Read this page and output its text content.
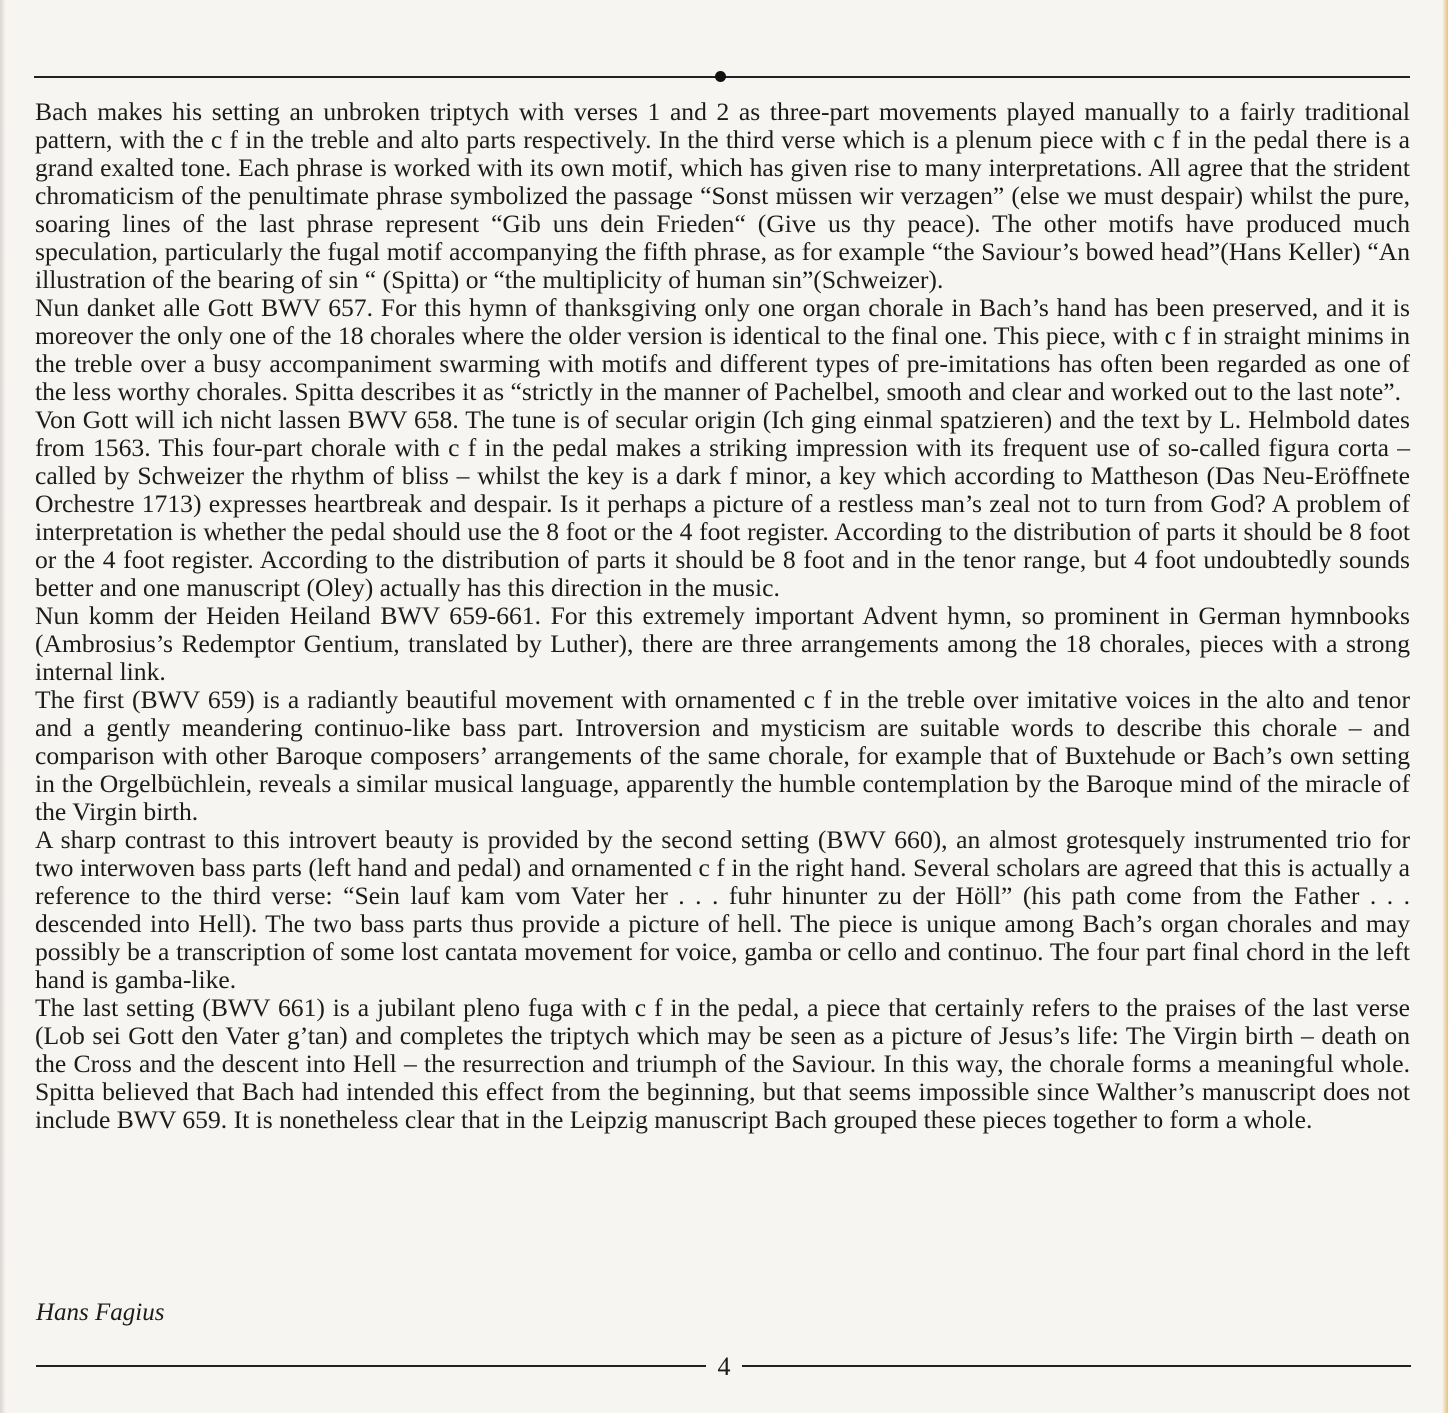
Bach makes his setting an unbroken triptych with verses 1 and 2 as three-part movements played manually to a fairly traditional pattern, with the c f in the treble and alto parts respectively. In the third verse which is a plenum piece with c f in the pedal there is a grand exalted tone. Each phrase is worked with its own motif, which has given rise to many interpretations. All agree that the strident chromaticism of the penultimate phrase symbolized the passage “Sonst müssen wir verzagen” (else we must despair) whilst the pure, soaring lines of the last phrase represent “Gib uns dein Frieden“ (Give us thy peace). The other motifs have produced much speculation, particularly the fugal motif accompanying the fifth phrase, as for example “the Saviour’s bowed head”(Hans Keller) “An illustration of the bearing of sin “ (Spitta) or “the multiplicity of human sin”(Schweizer).

Nun danket alle Gott BWV 657. For this hymn of thanksgiving only one organ chorale in Bach’s hand has been preserved, and it is moreover the only one of the 18 chorales where the older version is identical to the final one. This piece, with c f in straight minims in the treble over a busy accompaniment swarming with motifs and different types of pre-imitations has often been regarded as one of the less worthy chorales. Spitta describes it as “strictly in the manner of Pachelbel, smooth and clear and worked out to the last note”.

Von Gott will ich nicht lassen BWV 658. The tune is of secular origin (Ich ging einmal spatzieren) and the text by L. Helmbold dates from 1563. This four-part chorale with c f in the pedal makes a striking impression with its frequent use of so-called figura corta – called by Schweizer the rhythm of bliss – whilst the key is a dark f minor, a key which according to Mattheson (Das Neu-Eröffnete Orchestre 1713) expresses heartbreak and despair. Is it perhaps a picture of a restless man’s zeal not to turn from God? A problem of interpretation is whether the pedal should use the 8 foot or the 4 foot register. According to the distribution of parts it should be 8 foot or the 4 foot register. According to the distribution of parts it should be 8 foot and in the tenor range, but 4 foot undoubtedly sounds better and one manuscript (Oley) actually has this direction in the music.

Nun komm der Heiden Heiland BWV 659-661. For this extremely important Advent hymn, so prominent in German hymnbooks (Ambrosius’s Redemptor Gentium, translated by Luther), there are three arrangements among the 18 chorales, pieces with a strong internal link.

The first (BWV 659) is a radiantly beautiful movement with ornamented c f in the treble over imitative voices in the alto and tenor and a gently meandering continuo-like bass part. Introversion and mysticism are suitable words to describe this chorale – and comparison with other Baroque composers’ arrangements of the same chorale, for example that of Buxtehude or Bach’s own setting in the Orgelbüchlein, reveals a similar musical language, apparently the humble contemplation by the Baroque mind of the miracle of the Virgin birth.

A sharp contrast to this introvert beauty is provided by the second setting (BWV 660), an almost grotesquely instrumented trio for two interwoven bass parts (left hand and pedal) and ornamented c f in the right hand. Several scholars are agreed that this is actually a reference to the third verse: “Sein lauf kam vom Vater her . . . fuhr hinunter zu der Höll” (his path come from the Father . . . descended into Hell). The two bass parts thus provide a picture of hell. The piece is unique among Bach’s organ chorales and may possibly be a transcription of some lost cantata movement for voice, gamba or cello and continuo. The four part final chord in the left hand is gamba-like.

The last setting (BWV 661) is a jubilant pleno fuga with c f in the pedal, a piece that certainly refers to the praises of the last verse (Lob sei Gott den Vater g’tan) and completes the triptych which may be seen as a picture of Jesus’s life: The Virgin birth – death on the Cross and the descent into Hell – the resurrection and triumph of the Saviour. In this way, the chorale forms a meaningful whole. Spitta believed that Bach had intended this effect from the beginning, but that seems impossible since Walther’s manuscript does not include BWV 659. It is nonetheless clear that in the Leipzig manuscript Bach grouped these pieces together to form a whole.

Hans Fagius
4
